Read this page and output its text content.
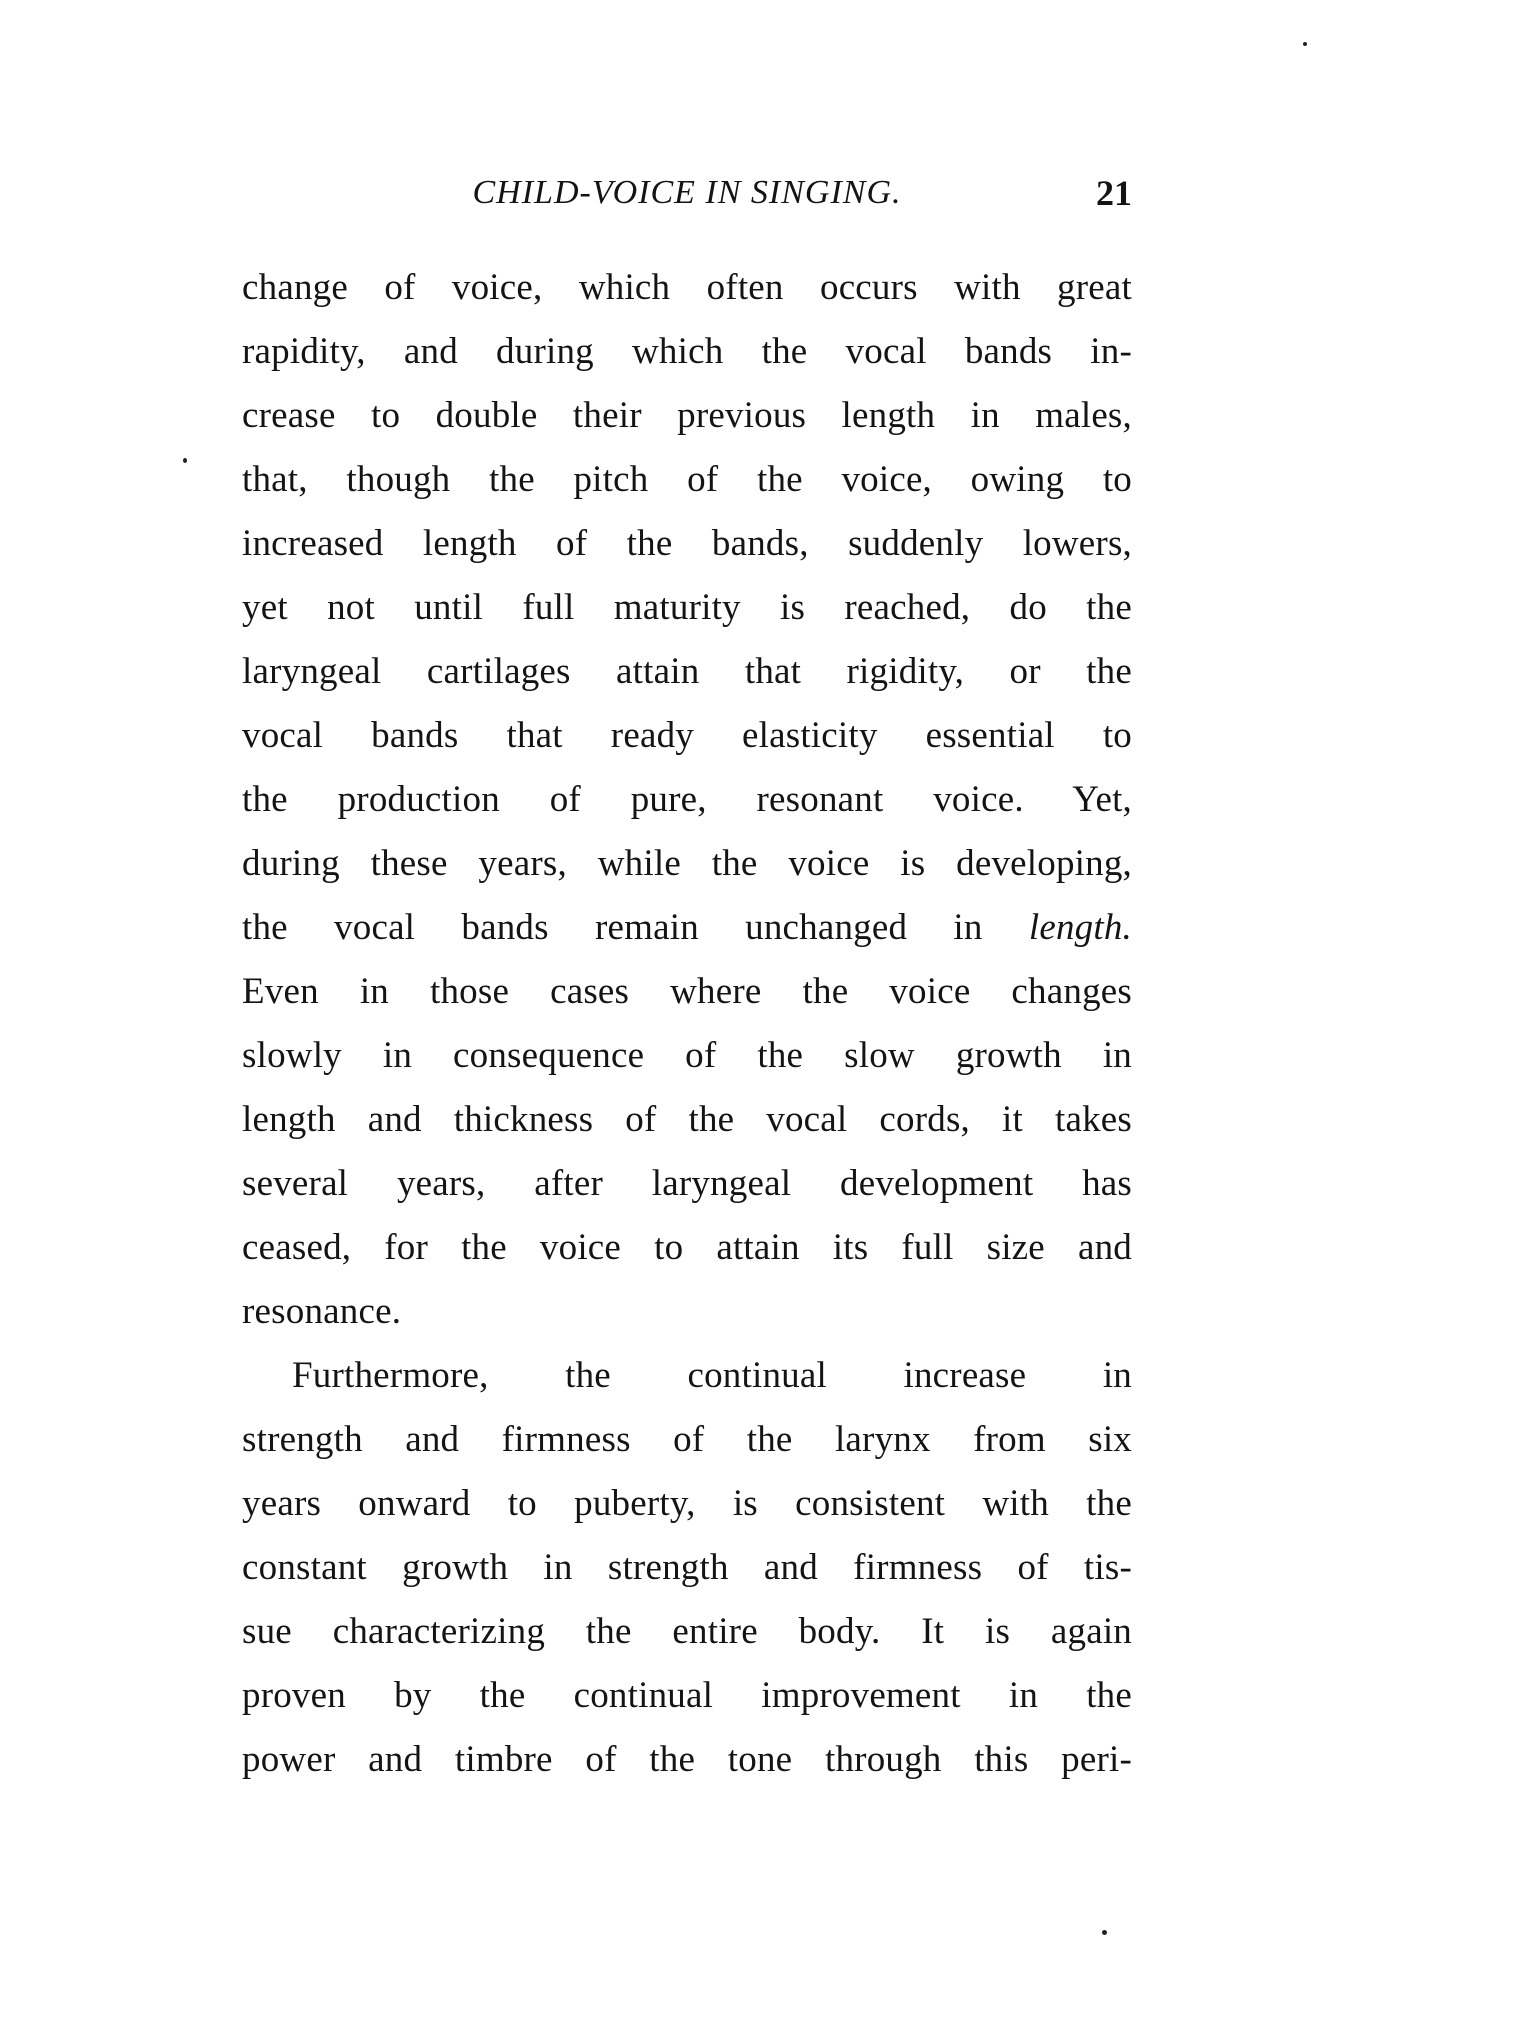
CHILD-VOICE IN SINGING.	21
change of voice, which often occurs with great
rapidity, and during which the vocal bands in-
crease to double their previous length in males,
that, though the pitch of the voice, owing to
increased length of the bands, suddenly lowers,
yet not until full maturity is reached, do the
laryngeal cartilages attain that rigidity, or the
vocal bands that ready elasticity essential to
the production of pure, resonant voice. Yet,
during these years, while the voice is developing,
the vocal bands remain unchanged in length.
Even in those cases where the voice changes
slowly in consequence of the slow growth in
length and thickness of the vocal cords, it takes
several years, after laryngeal development has
ceased, for the voice to attain its full size and
resonance.
Furthermore, the continual increase in
strength and firmness of the larynx from six
years onward to puberty, is consistent with the
constant growth in strength and firmness of tis-
sue characterizing the entire body. It is again
proven by the continual improvement in the
power and timbre of the tone through this peri-
